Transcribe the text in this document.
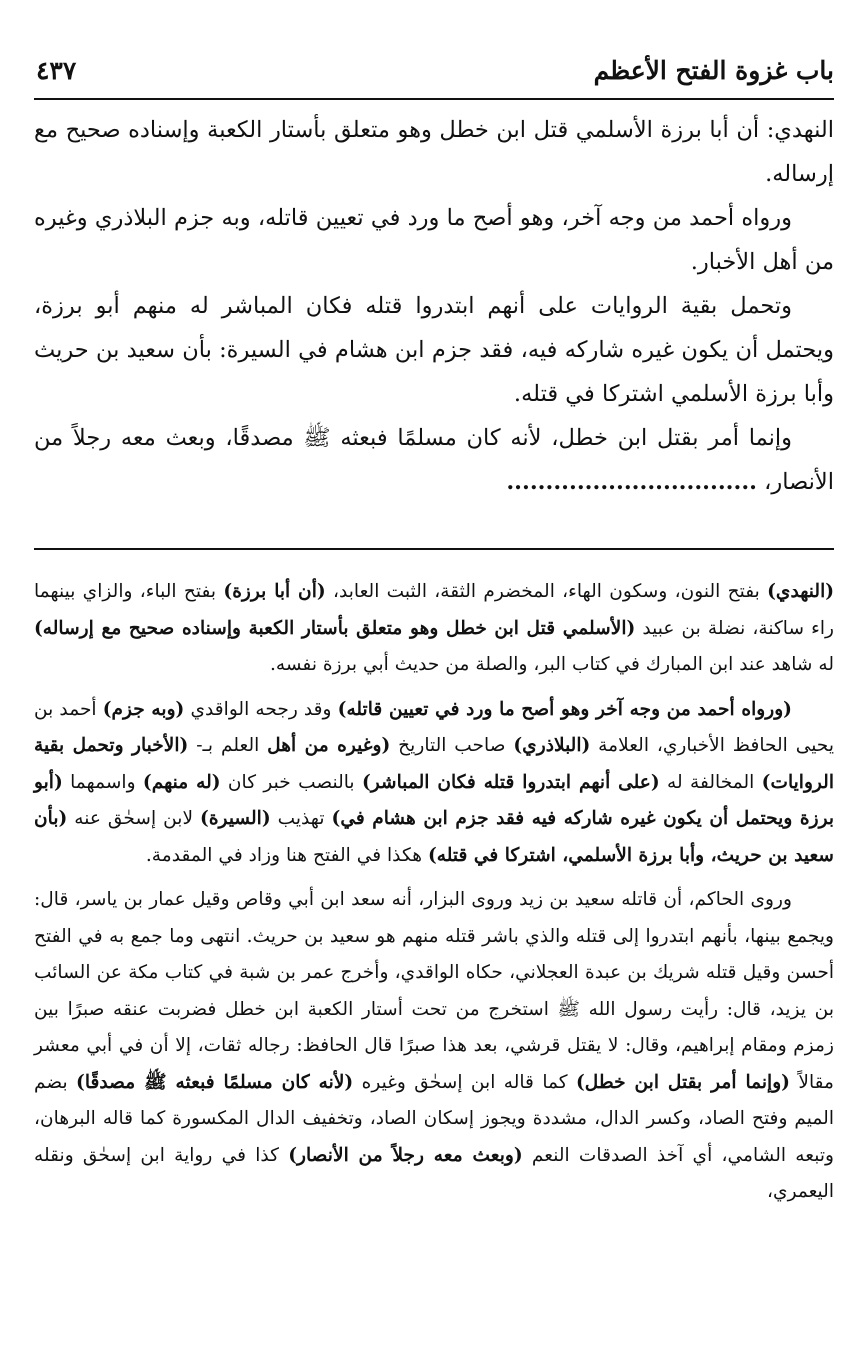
باب غزوة الفتح الأعظم
٤٣٧

النهدي: أن أبا برزة الأسلمي قتل ابن خطل وهو متعلق بأستار الكعبة وإسناده صحيح مع إرساله.

ورواه أحمد من وجه آخر، وهو أصح ما ورد في تعيين قاتله، وبه جزم البلاذري وغيره من أهل الأخبار.

وتحمل بقية الروايات على أنهم ابتدروا قتله فكان المباشر له منهم أبو برزة، ويحتمل أن يكون غيره شاركه فيه، فقد جزم ابن هشام في السيرة: بأن سعيد بن حريث وأبا برزة الأسلمي اشتركا في قتله.

وإنما أمر بقتل ابن خطل، لأنه كان مسلمًا فبعثه ﷺ مصدقًا، وبعث معه رجلاً من الأنصار، ................................

(النهدي) بفتح النون، وسكون الهاء، المخضرم الثقة، الثبت العابد، (أن أبا برزة) بفتح الباء، والزاي بينهما راء ساكنة، نضلة بن عبيد (الأسلمي قتل ابن خطل وهو متعلق بأستار الكعبة وإسناده صحيح مع إرساله) له شاهد عند ابن المبارك في كتاب البر، والصلة من حديث أبي برزة نفسه.

(ورواه أحمد من وجه آخر وهو أصح ما ورد في تعيين قاتله) وقد رجحه الواقدي (وبه جزم) أحمد بن يحيى الحافظ الأخباري، العلامة (البلاذري) صاحب التاريخ (وغيره من أهل العلم بـ- (الأخبار وتحمل بقية الروايات) المخالفة له (على أنهم ابتدروا قتله فكان المباشر) بالنصب خبر كان (له منهم) واسمهما (أبو برزة ويحتمل أن يكون غيره شاركه فيه فقد جزم ابن هشام في) تهذيب (السيرة) لابن إسحٰق عنه (بأن سعيد بن حريث، وأبا برزة الأسلمي، اشتركا في قتله) هكذا في الفتح هنا وزاد في المقدمة.

وروى الحاكم، أن قاتله سعيد بن زيد وروى البزار، أنه سعد ابن أبي وقاص وقيل عمار بن ياسر، قال: ويجمع بينها، بأنهم ابتدروا إلى قتله والذي باشر قتله منهم هو سعيد بن حريث. انتهى وما جمع به في الفتح أحسن وقيل قتله شريك بن عبدة العجلاني، حكاه الواقدي، وأخرج عمر بن شبة في كتاب مكة عن السائب بن يزيد، قال: رأيت رسول الله ﷺ استخرج من تحت أستار الكعبة ابن خطل فضربت عنقه صبرًا بين زمزم ومقام إبراهيم، وقال: لا يقتل قرشي، بعد هذا صبرًا قال الحافظ: رجاله ثقات، إلا أن في أبي معشر مقالاً (وإنما أمر بقتل ابن خطل) كما قاله ابن إسحٰق وغيره (لأنه كان مسلمًا فبعثه ﷺ مصدقًا) بضم الميم وفتح الصاد، وكسر الدال، مشددة ويجوز إسكان الصاد، وتخفيف الدال المكسورة كما قاله البرهان، وتبعه الشامي، أي آخذ الصدقات النعم (وبعث معه رجلاً من الأنصار) كذا في رواية ابن إسحٰق ونقله اليعمري،
